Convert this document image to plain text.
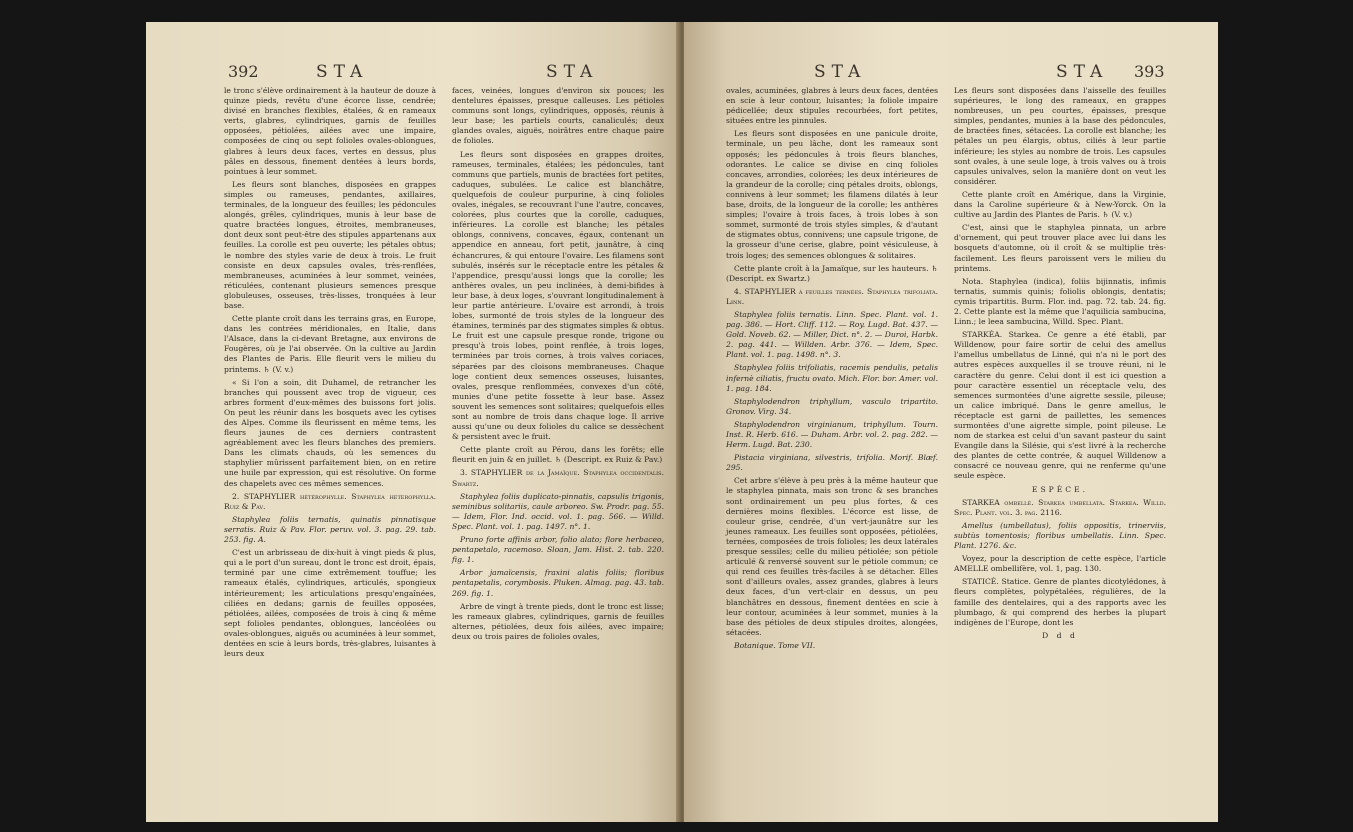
392	STA	STA

le tronc s'élève ordinairement à la hauteur de douze à quinze pieds, revêtu d'une écorce lisse, cendrée; divisé en branches flexibles, étalées, & en rameaux verts, glabres, cylindriques, garnis de feuilles opposées, pétiolées, ailées avec une impaire, composées de cinq ou sept folioles ovales-oblongues, glabres à leurs deux faces, vertes en dessus, plus pâles en dessous, finement dentées à leurs bords, pointues à leur sommet.

Les fleurs sont blanches, disposées en grappes simples ou rameuses, pendantes, axillaires, terminales, de la longueur des feuilles; les pédoncules alongés, grêles, cylindriques, munis à leur base de quatre bractées longues, étroites, membraneuses, dont deux sont peut-être des stipules appartenans aux feuilles. La corolle est peu ouverte; les pétales obtus; le nombre des styles varie de deux à trois. Le fruit consiste en deux capsules ovales, très-renflées, membraneuses, acuminées à leur sommet, veinées, réticulées, contenant plusieurs semences presque globuleuses, osseuses, très-lisses, tronquées à leur base.

Cette plante croît dans les terrains gras, en Europe, dans les contrées méridionales, en Italie, dans l'Alsace, dans la ci-devant Bretagne, aux environs de Fougères, où je l'ai observée. On la cultive au Jardin des Plantes de Paris. Elle fleurit vers le milieu du printems. ♄ (V. v.)

« Si l'on a soin, dit Duhamel, de retrancher les branches qui poussent avec trop de vigueur, ces arbres forment d'eux-mêmes des buissons fort jolis. On peut les réunir dans les bosquets avec les cytises des Alpes. Comme ils fleurissent en même tems, les fleurs jaunes de ces derniers contrastent agréablement avec les fleurs blanches des premiers. Dans les climats chauds, où les semences du staphylier mûrissent parfaitement bien, on en retire une huile par expression, qui est résolutive. On forme des chapelets avec ces mêmes semences.

2. STAPHYLIER hétérophylle. Staphylea heterophylla. Ruiz & Pav.

Staphylea foliis ternatis, quinatis pinnatisque serratis. Ruiz & Pav. Flor. peruv. vol. 3. pag. 29. tab. 253. fig. A.

C'est un arbrisseau de dix-huit à vingt pieds & plus, qui a le port d'un sureau, dont le tronc est droit, épais, terminé par une cime extrêmement touffue; les rameaux étalés, cylindriques, articulés, spongieux intérieurement; les articulations presqu'engaînées, ciliées en dedans; garnis de feuilles opposées, pétiolées, ailées, composées de trois à cinq & même sept folioles pendantes, oblongues, lancéolées ou ovales-oblongues, aiguës ou acuminées à leur sommet, dentées en scie à leurs bords, très-glabres, luisantes à leurs deux

faces, veinées, longues d'environ six pouces; les dentelures épaisses, presque calleuses. Les pétioles communs sont longs, cylindriques, opposés, réunis à leur base; les partiels courts, canaliculés; deux glandes ovales, aiguës, noirâtres entre chaque paire de folioles.

Les fleurs sont disposées en grappes droites, rameuses, terminales, étalées; les pédoncules, tant communs que partiels, munis de bractées fort petites, caduques, subulées. Le calice est blanchâtre, quelquefois de couleur purpurine, à cinq folioles ovales, inégales, se recouvrant l'une l'autre, concaves, colorées, plus courtes que la corolle, caduques, inférieures. La corolle est blanche; les pétales oblongs, connivens, concaves, égaux, contenant un appendice en anneau, fort petit, jaunâtre, à cinq échancrures, & qui entoure l'ovaire. Les filamens sont subulés, insérés sur le réceptacle entre les pétales & l'appendice, presqu'aussi longs que la corolle; les anthères ovales, un peu inclinées, à demi-bifides à leur base, à deux loges, s'ouvrant longitudinalement à leur partie antérieure. L'ovaire est arrondi, à trois lobes, surmonté de trois styles de la longueur des étamines, terminés par des stigmates simples & obtus. Le fruit est une capsule presque ronde, trigone ou presqu'à trois lobes, point renflée, à trois loges, terminées par trois cornes, à trois valves coriaces, séparées par des cloisons membraneuses. Chaque loge contient deux semences osseuses, luisantes, ovales, presque renflommées, convexes d'un côté, munies d'une petite fossette à leur base. Assez souvent les semences sont solitaires; quelquefois elles sont au nombre de trois dans chaque loge. Il arrive aussi qu'une ou deux folioles du calice se dessèchent & persistent avec le fruit.

Cette plante croît au Pérou, dans les forêts; elle fleurit en juin & en juillet. ♄ (Descript. ex Ruiz & Pav.)

3. STAPHYLIER de la Jamaïque. Staphylea occidentalis. Swartz.

Staphylea foliis duplicato-pinnatis, capsulis trigonis, seminibus solitariis, caule arboreo. Sw. Prodr. pag. 55.— Idem, Flor. Ind. occid. vol. 1. pag. 566. — Willd. Spec. Plant. vol. 1. pag. 1497. n°. 1.

Pruno forte affinis arbor, folio alato; flore herbaceo, pentapetalo, racemoso. Sloan, Jam. Hist. 2. tab. 220. fig. 1.

Arbor jamaïcensis, fraxini alatis foliis; floribus pentapetalis, corymbosis. Pluken. Almag. pag. 43. tab. 269. fig. 1.

Arbre de vingt à trente pieds, dont le tronc est lisse; les rameaux glabres, cylindriques, garnis de feuilles alternes, pétiolées, deux fois ailées, avec impaire; deux ou trois paires de folioles ovales,

STA	STA 393

ovales, acuminées, glabres à leurs deux faces, dentées en scie à leur contour, luisantes; la foliole impaire pédicellée; deux stipules recourbées, fort petites, situées entre les pinnules.

Les fleurs sont disposées en une panicule droite, terminale, un peu lâche, dont les rameaux sont opposés; les pédoncules à trois fleurs blanches, odorantes. Le calice se divise en cinq folioles concaves, arrondies, colorées; les deux intérieures de la grandeur de la corolle; cinq pétales droits, oblongs, connivens à leur sommet; les filamens dilatés à leur base, droits, de la longueur de la corolle; les anthères simples; l'ovaire à trois faces, à trois lobes à son sommet, surmonté de trois styles simples, & d'autant de stigmates obtus, connivens; une capsule trigone, de la grosseur d'une cerise, glabre, point vésiculeuse, à trois loges; des semences oblongues & solitaires.

Cette plante croît à la Jamaïque, sur les hauteurs. ♄ (Descript. ex Swartz.)

4. STAPHYLIER à feuilles ternées. Staphylea trifoliata. Linn.

Staphylea foliis ternatis. Linn. Spec. Plant. vol. 1. pag. 386. — Hort. Cliff. 112. — Roy. Lugd. Bat. 437. — Gold. Noveb. 62. — Miller, Dict. n°. 2. — Duroi, Harbk. 2. pag. 441. — Willden. Arbr. 376. — Idem, Spec. Plant. vol. 1. pag. 1498. n°. 3.

Staphylea foliis trifoliatis, racemis pendulis, petalis infernè ciliatis, fructu ovato. Mich. Flor. bor. Amer. vol. 1. pag. 184.

Staphylodendron triphyllum, vasculo tripartito. Gronov. Virg. 34.

Staphylodendron virginianum, triphyllum. Tourn. Inst. R. Herb. 616. — Duham. Arbr. vol. 2. pag. 282. — Herm. Lugd. Bat. 230.

Pistacia virginiana, silvestris, trifolia. Morif. Blæf. 295.

Cet arbre s'élève à peu près à la même hauteur que le staphylea pinnata, mais son tronc & ses branches sont ordinairement un peu plus fortes, & ces dernières moins flexibles. L'écorce est lisse, de couleur grise, cendrée, d'un vert-jaunâtre sur les jeunes rameaux. Les feuilles sont opposées, pétiolées, ternées, composées de trois folioles; les deux latérales presque sessiles; celle du milieu pétiolée; son pétiole articulé & renversé souvent sur le pétiole commun; ce qui rend ces feuilles très-faciles à se détacher. Elles sont d'ailleurs ovales, assez grandes, glabres à leurs deux faces, d'un vert-clair en dessus, un peu blanchâtres en dessous, finement dentées en scie à leur contour, acuminées à leur sommet, munies à la base des pétioles de deux stipules droites, alongées, sétacées.

Botanique. Tome VII.

Les fleurs sont disposées dans l'aisselle des feuilles supérieures, le long des rameaux, en grappes nombreuses, un peu courtes, épaisses, presque simples, pendantes, munies à la base des pédoncules, de bractées fines, sétacées. La corolle est blanche; les pétales un peu élargis, obtus, ciliés à leur partie inférieure; les styles au nombre de trois. Les capsules sont ovales, à une seule loge, à trois valves ou à trois capsules univalves, selon la manière dont on veut les considérer.

Cette plante croît en Amérique, dans la Virginie, dans la Caroline supérieure & à New-Yorck. On la cultive au Jardin des Plantes de Paris. ♄ (V. v.)

C'est, ainsi que le staphylea pinnata, un arbre d'ornement, qui peut trouver place avec lui dans les bosquets d'automne, où il croît & se multiplie très-facilement. Les fleurs paroissent vers le milieu du printems.

Nota. Staphylea (indica), foliis bijinnatis, infimis ternatis, summis quinis; foliolis oblongis, dentatis; cymis tripartitis. Burm. Flor. ind. pag. 72. tab. 24. fig. 2. Cette plante est la même que l'aquilicia sambucina, Linn.; le leea sambucina, Willd. Spec. Plant.

STARKÉA. Starkea. Ce genre a été établi, par Willdenow, pour faire sortir de celui des amellus l'amellus umbellatus de Linné, qui n'a ni le port des autres espèces auxquelles il se trouve réuni, ni le caractère du genre. Celui dont il est ici question a pour caractère essentiel un réceptacle velu, des semences surmontées d'une aigrette sessile, pileuse; un calice imbriqué. Dans le genre amellus, le réceptacle est garni de paillettes, les semences surmontées d'une aigrette simple, point pileuse. Le nom de starkea est celui d'un savant pasteur du saint Evangile dans la Silésie, qui s'est livré à la recherche des plantes de cette contrée, & auquel Willdenow a consacré ce nouveau genre, qui ne renferme qu'une seule espèce.

ESPÈCE.

STARKEA ombellé. Starkea umbellata. Starkea. Willd. Spec. Plant. vol. 3. pag. 2116.

Amellus (umbellatus), foliis oppositis, trinerviis, subtùs tomentosis; floribus umbellatis. Linn. Spec. Plant. 1276. &c.

Voyez, pour la description de cette espèce, l'article AMELLE ombellifère, vol. 1, pag. 130.

STATICÉ. Statice. Genre de plantes dicotylédones, à fleurs complètes, polypétalées, régulières, de la famille des dentelaires, qui a des rapports avec les plumbago, & qui comprend des herbes la plupart indigènes de l'Europe, dont les

D d d
